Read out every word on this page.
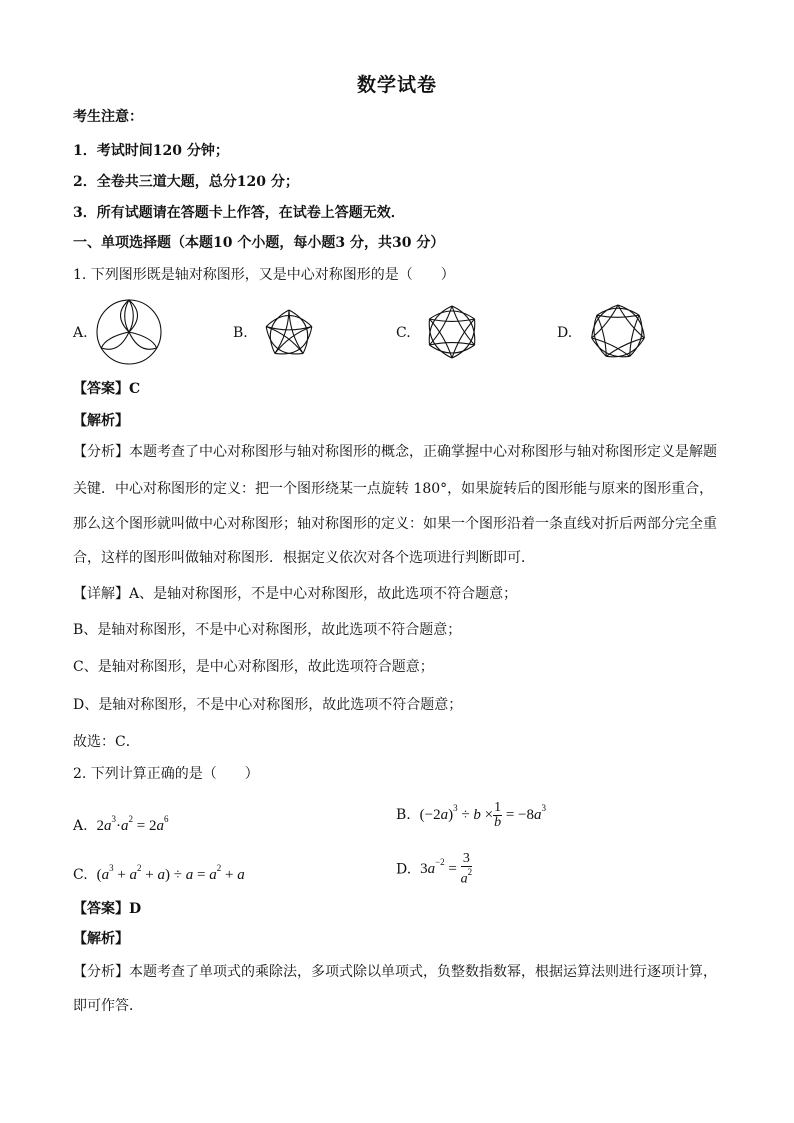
数学试卷
考生注意：
1．考试时间120 分钟；
2．全卷共三道大题，总分120 分；
3．所有试题请在答题卡上作答，在试卷上答题无效．
一、单项选择题（本题10 个小题，每小题3 分，共30 分）
1. 下列图形既是轴对称图形，又是中心对称图形的是（　　）
A.	B.	C.	D.
【答案】C
【解析】
【分析】本题考查了中心对称图形与轴对称图形的概念，正确掌握中心对称图形与轴对称图形定义是解题
关键．中心对称图形的定义：把一个图形绕某一点旋转 180°，如果旋转后的图形能与原来的图形重合，
那么这个图形就叫做中心对称图形；轴对称图形的定义：如果一个图形沿着一条直线对折后两部分完全重
合，这样的图形叫做轴对称图形．根据定义依次对各个选项进行判断即可．
【详解】A、是轴对称图形，不是中心对称图形，故此选项不符合题意；
B、是轴对称图形，不是中心对称图形，故此选项不符合题意；
C、是轴对称图形，是中心对称图形，故此选项符合题意；
D、是轴对称图形，不是中心对称图形，故此选项不符合题意；
故选：C．
2. 下列计算正确的是（　　）
A.  $2a^3\cdot a^2 = 2a^6$	B.  $(-2a)^3 \div b \times \frac{1}{b} = -8a^3$
C.  $(a^3 + a^2 + a) \div a = a^2 + a$	D.  $3a^{-2} = \frac{3}{a^2}$
【答案】D
【解析】
【分析】本题考查了单项式的乘除法，多项式除以单项式，负整数指数幂，根据运算法则进行逐项计算，
即可作答．
